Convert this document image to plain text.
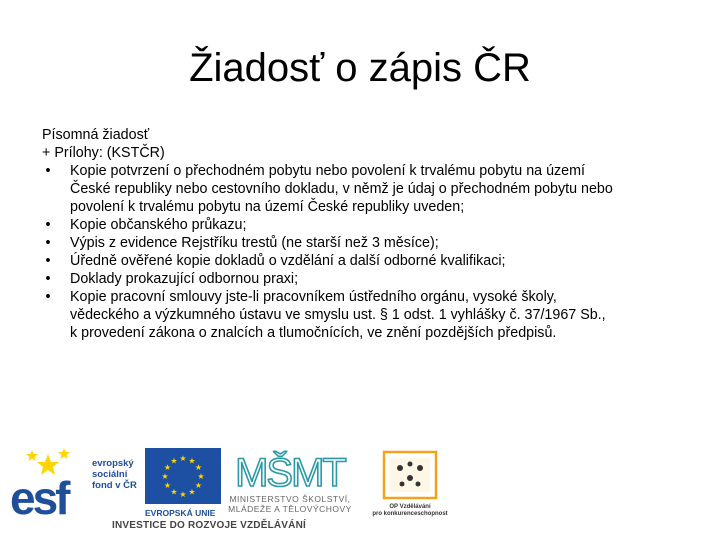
Žiadosť o zápis ČR
Písomná žiadosť
+ Prílohy: (KSTČR)
• Kopie potvrzení o přechodném pobytu nebo povolení k trvalému pobytu na území
České republiky nebo cestovního dokladu, v němž je údaj o přechodném pobytu nebo
povolení k trvalému pobytu na území České republiky uveden;
• Kopie občanského průkazu;
• Výpis z evidence Rejstříku trestů (ne starší než 3 měsíce);
• Úředně ověřené kopie dokladů o vzdělání a další odborné kvalifikaci;
• Doklady prokazující odbornou praxi;
• Kopie pracovní smlouvy jste-li pracovníkem ústředního orgánu, vysoké školy,
vědeckého a výzkumného ústavu ve smyslu ust. § 1 odst. 1 vyhlášky č. 37/1967 Sb.,
k provedení zákona o znalcích a tlumočnících, ve znění pozdějších předpisů.
esf
evropský
sociální
fond v ČR
★ ★
★
★
★
★
★
★
★
★
★
★
EVROPSKÁ UNIE
MŠMT
MINISTERSTVO ŠKOLSTVÍ,
MLÁDEŽE A TĚLOVÝCHOVY	OP Vzdělávání
pro konkurenceschopnost
INVESTICE DO ROZVOJE VZDĚLÁVÁNÍ
